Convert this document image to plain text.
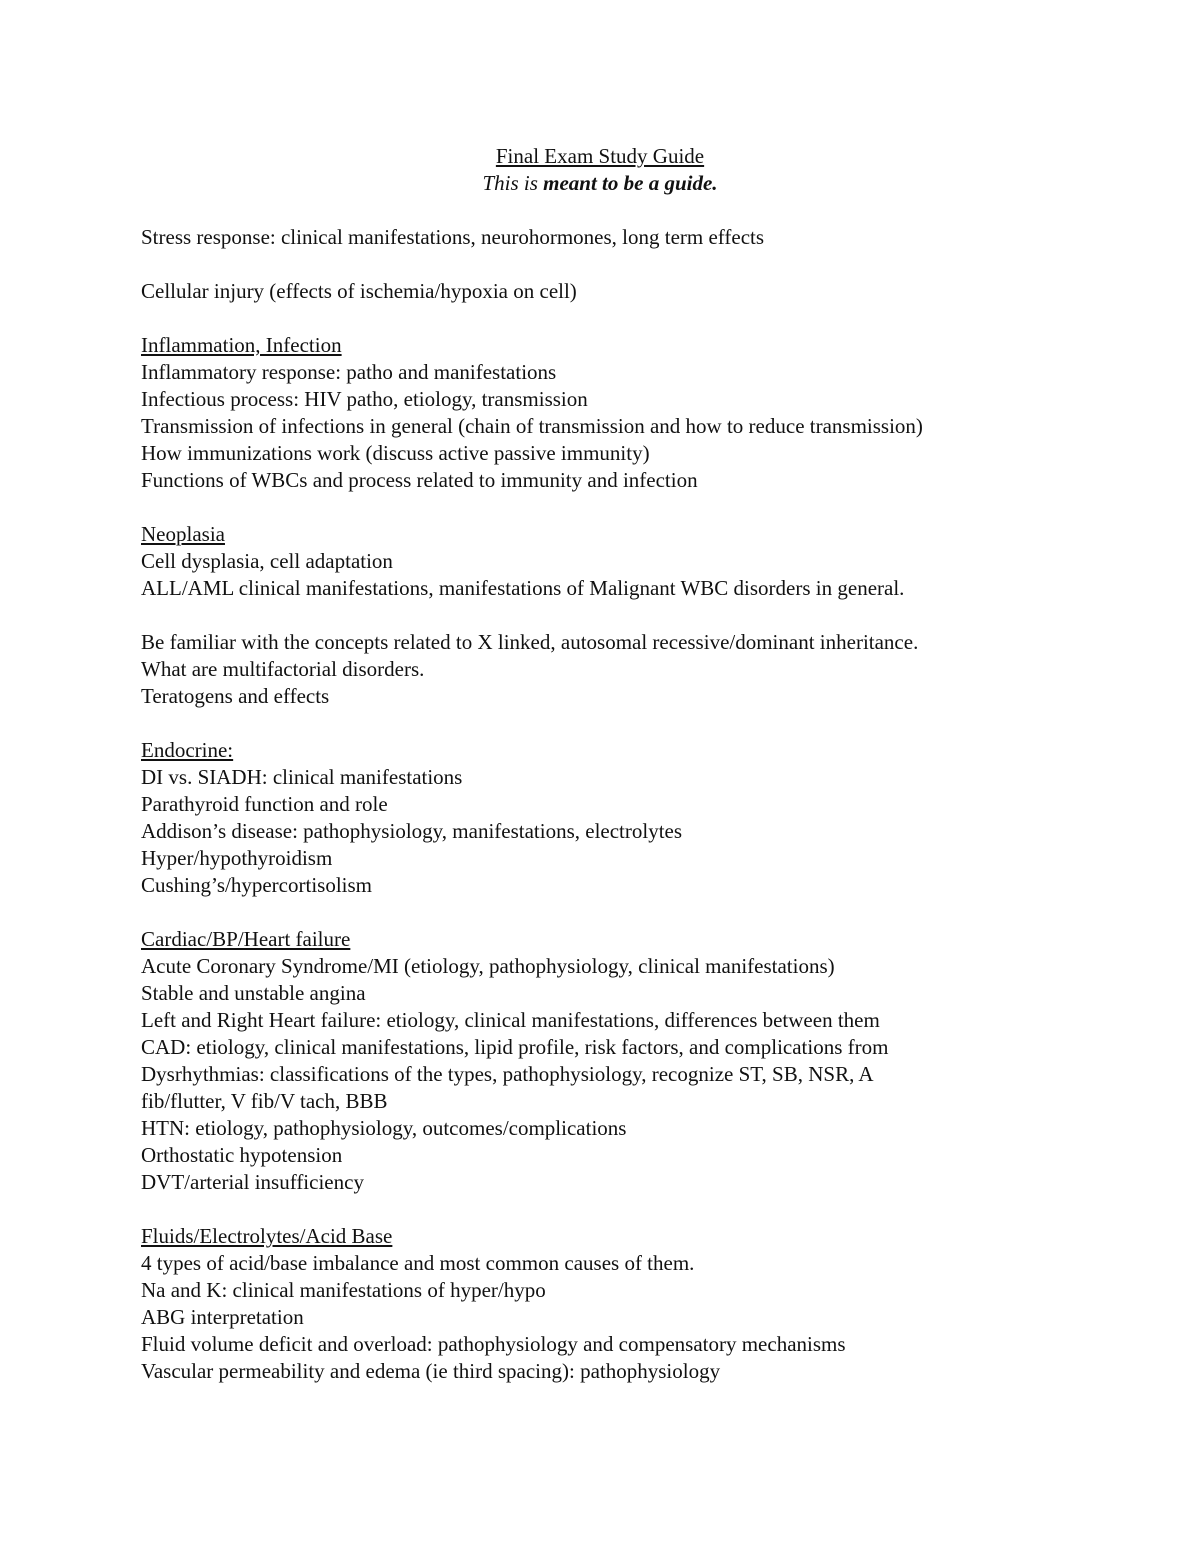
Final Exam Study Guide
This is meant to be a guide.
Stress response: clinical manifestations, neurohormones, long term effects
Cellular injury (effects of ischemia/hypoxia on cell)
Inflammation, Infection
Inflammatory response: patho and manifestations
Infectious process: HIV patho, etiology, transmission
Transmission of infections in general (chain of transmission and how to reduce transmission)
How immunizations work (discuss active passive immunity)
Functions of WBCs and process related to immunity and infection
Neoplasia
Cell dysplasia, cell adaptation
ALL/AML clinical manifestations, manifestations of Malignant WBC disorders in general.
Be familiar with the concepts related to X linked, autosomal recessive/dominant inheritance.
What are multifactorial disorders.
Teratogens and effects
Endocrine:
DI vs. SIADH: clinical manifestations
Parathyroid function and role
Addison’s disease: pathophysiology, manifestations, electrolytes
Hyper/hypothyroidism
Cushing’s/hypercortisolism
Cardiac/BP/Heart failure
Acute Coronary Syndrome/MI (etiology, pathophysiology, clinical manifestations)
Stable and unstable angina
Left and Right Heart failure: etiology, clinical manifestations, differences between them
CAD: etiology, clinical manifestations, lipid profile, risk factors, and complications from
Dysrhythmias: classifications of the types, pathophysiology, recognize ST, SB, NSR, A
fib/flutter, V fib/V tach, BBB
HTN: etiology, pathophysiology, outcomes/complications
Orthostatic hypotension
DVT/arterial insufficiency
Fluids/Electrolytes/Acid Base
4 types of acid/base imbalance and most common causes of them.
Na and K: clinical manifestations of hyper/hypo
ABG interpretation
Fluid volume deficit and overload: pathophysiology and compensatory mechanisms
Vascular permeability and edema (ie third spacing): pathophysiology
